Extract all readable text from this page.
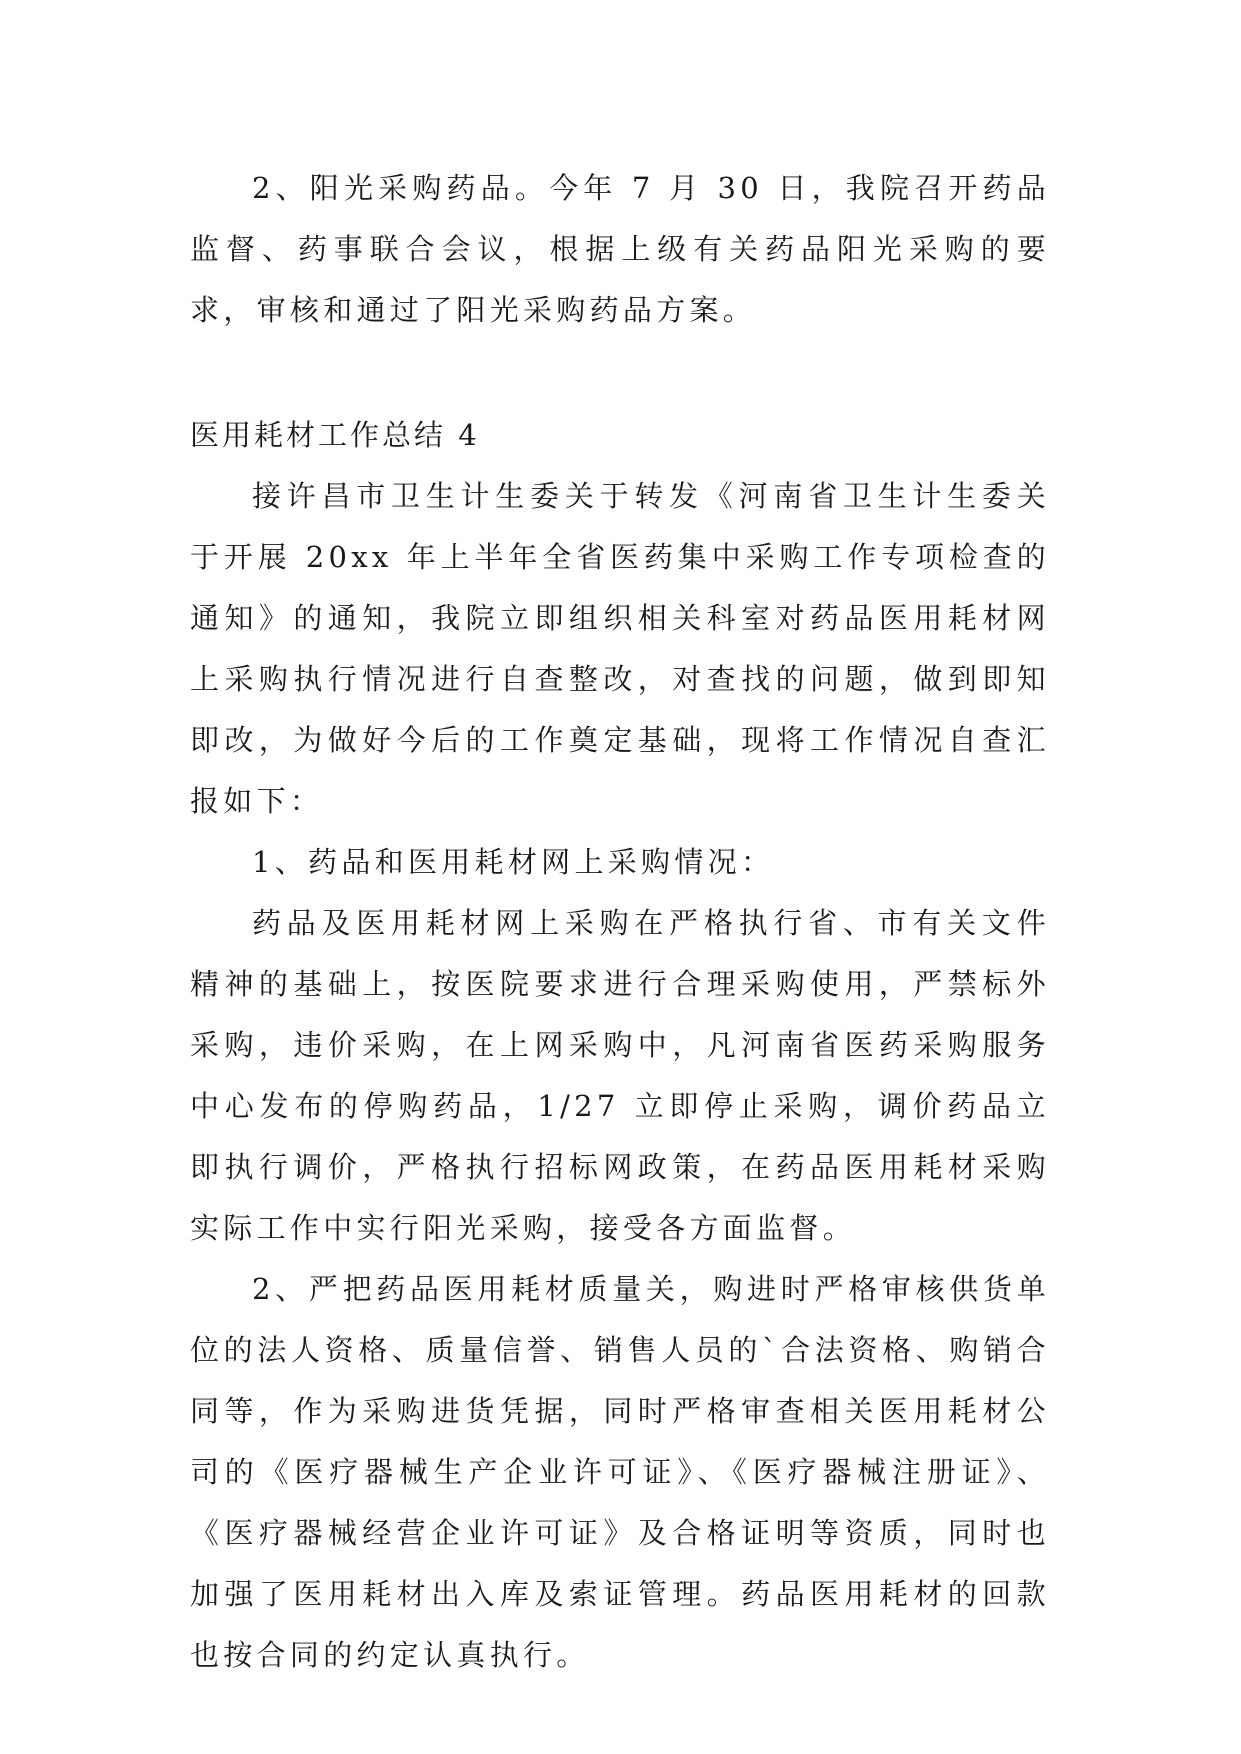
2、阳光采购药品。今年 7 月 30 日，我院召开药品监督、药事联合会议，根据上级有关药品阳光采购的要求，审核和通过了阳光采购药品方案。

医用耗材工作总结 4

接许昌市卫生计生委关于转发《河南省卫生计生委关于开展 20xx 年上半年全省医药集中采购工作专项检查的通知》的通知，我院立即组织相关科室对药品医用耗材网上采购执行情况进行自查整改，对查找的问题，做到即知即改，为做好今后的工作奠定基础，现将工作情况自查汇报如下：

1、药品和医用耗材网上采购情况：

药品及医用耗材网上采购在严格执行省、市有关文件精神的基础上，按医院要求进行合理采购使用，严禁标外采购，违价采购，在上网采购中，凡河南省医药采购服务中心发布的停购药品，1/27 立即停止采购，调价药品立即执行调价，严格执行招标网政策，在药品医用耗材采购实际工作中实行阳光采购，接受各方面监督。

2、严把药品医用耗材质量关，购进时严格审核供货单位的法人资格、质量信誉、销售人员的`合法资格、购销合同等，作为采购进货凭据，同时严格审查相关医用耗材公司的《医疗器械生产企业许可证》、《医疗器械注册证》、《医疗器械经营企业许可证》及合格证明等资质，同时也加强了医用耗材出入库及索证管理。药品医用耗材的回款也按合同的约定认真执行。
